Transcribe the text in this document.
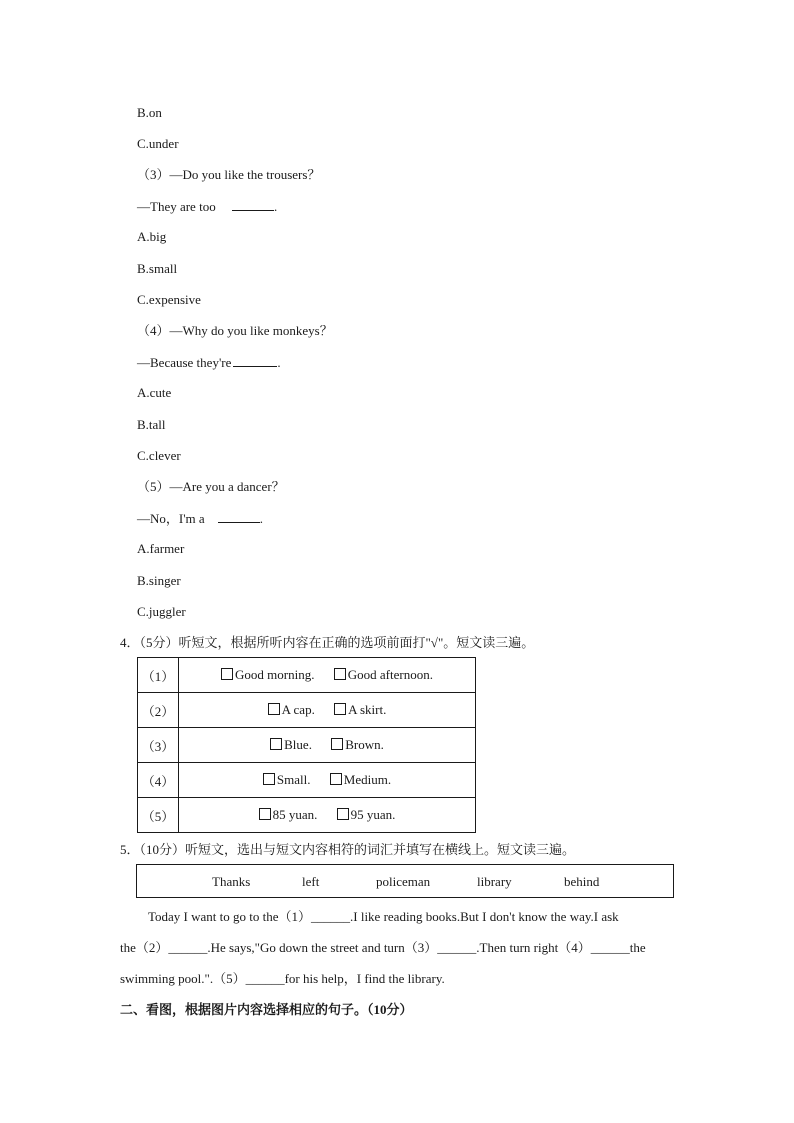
B.on
C.under
（3）—Do you like the trousers？
—They are too	.
A.big
B.small
C.expensive
（4）—Why do you like monkeys？
—Because they're	.
A.cute
B.tall
C.clever
（5）—Are you a dancer？
—No，I'm a	.
A.farmer
B.singer
C.juggler
4．（5分）听短文，根据所听内容在正确的选项前面打"√"。短文读三遍。
（1）	Good morning. Good afternoon.
（2）	A cap. A skirt.
（3）	Blue. Brown.
（4）	Small. Medium.
（5）	85 yuan. 95 yuan.
5．（10分）听短文，选出与短文内容相符的词汇并填写在横线上。短文读三遍。
Thanks	left	policeman	library	behind
Today I want to go to the（1）______.I like reading books.But I don't know the way.I ask
the（2）______.He says,"Go down the street and turn（3）______.Then turn right（4）______the
swimming pool.".（5）______for his help，I find the library.
二、看图，根据图片内容选择相应的句子。（10分）
